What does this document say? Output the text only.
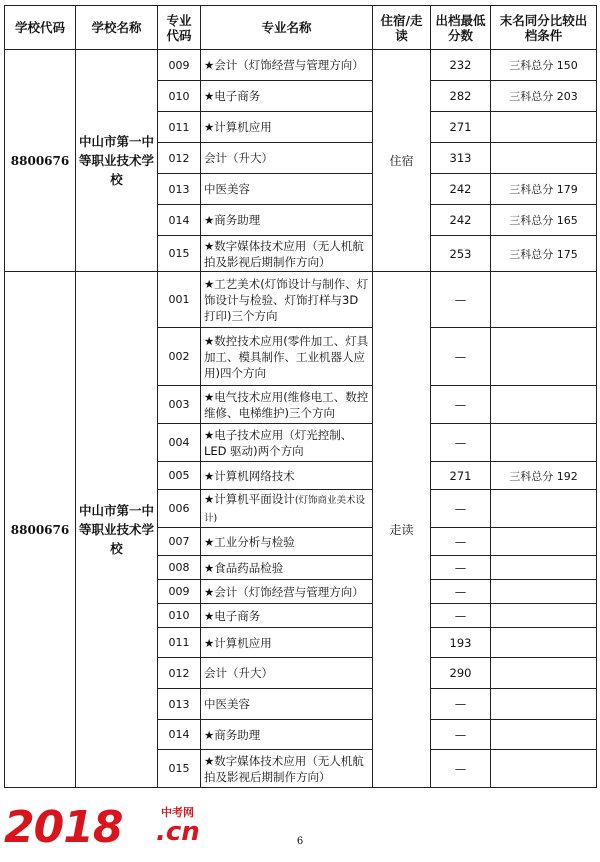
学校代码	学校名称	专业代码	专业名称	住宿/走读	出档最低分数	末名同分比较出档条件
8800676	中山市第一中等职业技术学校	009	★会计（灯饰经营与管理方向）	住宿	232	三科总分 150
		010	★电子商务		282	三科总分 203
		011	★计算机应用		271	
		012	会计（升大）		313	
		013	中医美容		242	三科总分 179
		014	★商务助理		242	三科总分 165
		015	★数字媒体技术应用（无人机航拍及影视后期制作方向）		253	三科总分 175
8800676	中山市第一中等职业技术学校	001	★工艺美术(灯饰设计与制作、灯饰设计与检验、灯饰打样与3D 打印)三个方向	走读	—	
		002	★数控技术应用(零件加工、灯具加工、模具制作、工业机器人应用)四个方向		—	
		003	★电气技术应用(维修电工、数控维修、电梯维护)三个方向		—	
		004	★电子技术应用（灯光控制、LED 驱动)两个方向		—	
		005	★计算机网络技术		271	三科总分 192
		006	★计算机平面设计(灯饰商业美术设计)		—	
		007	★工业分析与检验		—	
		008	★食品药品检验		—	
		009	★会计（灯饰经营与管理方向）		—	
		010	★电子商务		—	
		011	★计算机应用		193	
		012	会计（升大）		290	
		013	中医美容		—	
		014	★商务助理		—	
		015	★数字媒体技术应用（无人机航拍及影视后期制作方向）		—	
2018	中考网
.cn	6
